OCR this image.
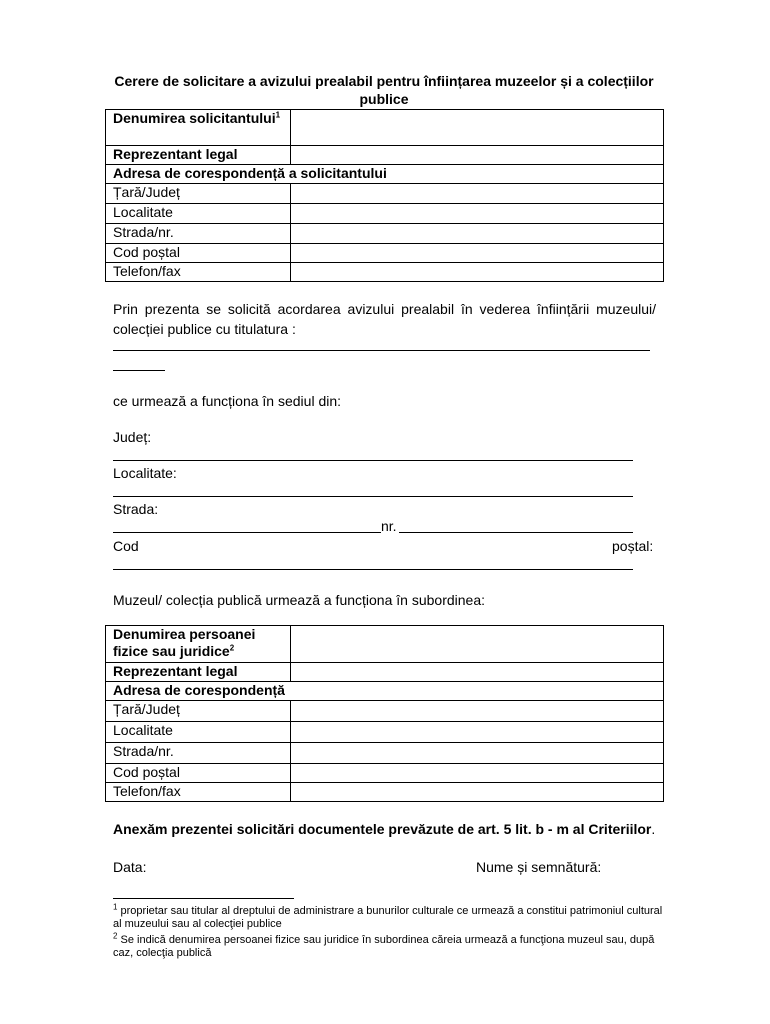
Cerere de solicitare a avizului prealabil pentru înființarea muzeelor și a colecțiilor publice
Denumirea solicitantului$^1$	
Reprezentant legal	
Adresa de corespondență a solicitantului	
Țară/Județ	
Localitate	
Strada/nr.	
Cod poștal	
Telefon/fax	
Prin prezenta se solicită acordarea avizului prealabil în vederea înființării muzeului/ colecției publice cu titulatura :
ce urmează a funcționa în sediul din:
Județ:
Localitate:
Strada:
nr.
Cod	poștal:
Muzeul/ colecția publică urmează a funcționa în subordinea:
Denumirea persoanei fizice sau juridice$^2$	
Reprezentant legal	
Adresa de corespondență	
Țară/Județ	
Localitate	
Strada/nr.	
Cod poștal	
Telefon/fax	
Anexăm prezentei solicitări documentele prevăzute de art. 5 lit. b - m al Criteriilor.
Data:	Nume și semnătură:
$^1$ proprietar sau titular al dreptului de administrare a bunurilor culturale ce urmează a constitui patrimoniul cultural al muzeului sau al colecţiei publice
$^2$ Se indică denumirea persoanei fizice sau juridice în subordinea căreia urmează a funcţiona muzeul sau, după caz, colecţia publică
